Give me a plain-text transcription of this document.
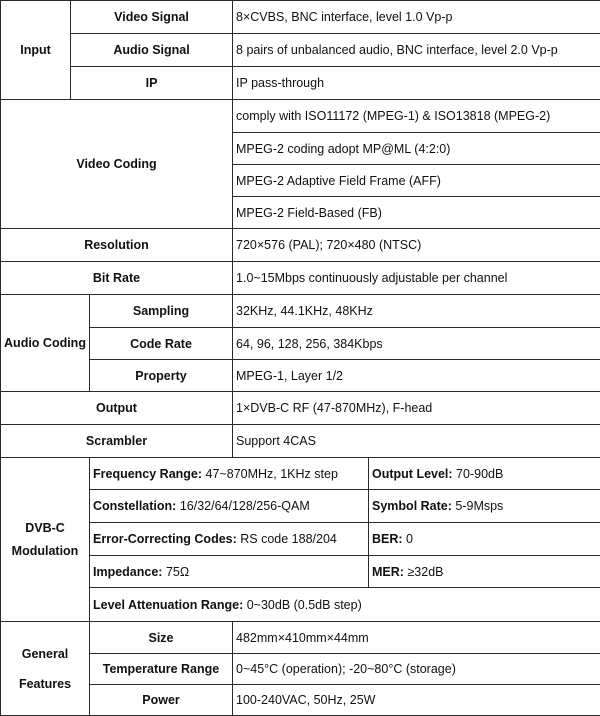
Input	Video Signal		8×CVBS, BNC interface, level 1.0 Vp-p	
	Audio Signal		8 pairs of unbalanced audio, BNC interface, level 2.0 Vp-p	
	IP		IP pass-through	
Video Coding			comply with ISO11172 (MPEG-1) & ISO13818 (MPEG-2)	
			MPEG-2 coding adopt MP@ML (4:2:0)	
			MPEG-2 Adaptive Field Frame (AFF)	
			MPEG-2 Field-Based (FB)	
Resolution			720×576 (PAL); 720×480 (NTSC)	
Bit Rate			1.0~15Mbps continuously adjustable per channel	
Audio Coding		Sampling	32KHz, 44.1KHz, 48KHz	
		Code Rate	64, 96, 128, 256, 384Kbps	
		Property	MPEG-1, Layer 1/2	
Output			1×DVB-C RF (47-870MHz), F-head	
Scrambler			Support 4CAS	
DVB-C
Modulation		Frequency Range: 47~870MHz, 1KHz step		Output Level: 70-90dB
		Constellation: 16/32/64/128/256-QAM		Symbol Rate: 5-9Msps
		Error-Correcting Codes: RS code 188/204		BER: 0
		Impedance: 75Ω		MER: ≥32dB
		Level Attenuation Range: 0~30dB (0.5dB step)		
General
Features		Size	482mm×410mm×44mm	
		Temperature Range	0~45°C (operation); -20~80°C (storage)	
		Power	100-240VAC, 50Hz, 25W	
